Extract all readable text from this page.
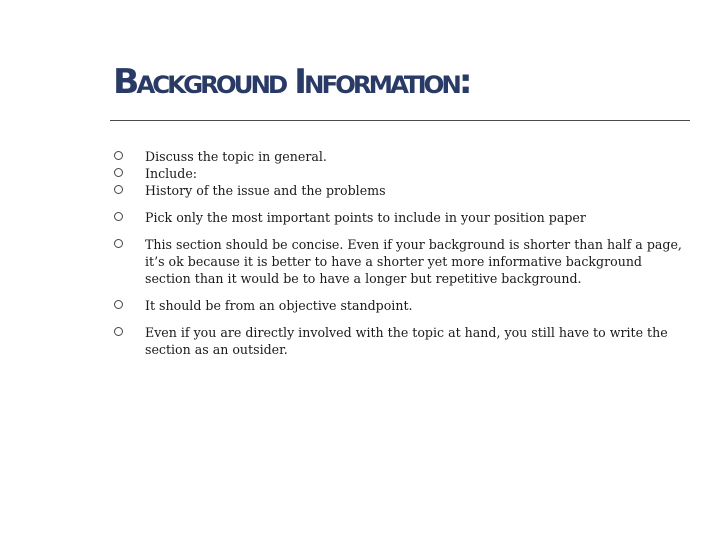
Background Information:
Discuss the topic in general.
Include:
History of the issue and the problems
Pick only the most important points to include in your position paper
This section should be concise. Even if your background is shorter than half a page, it’s ok because it is better to have a shorter yet more informative background section than it would be to have a longer but repetitive background.
It should be from an objective standpoint.
Even if you are directly involved with the topic at hand, you still have to write the section as an outsider.
